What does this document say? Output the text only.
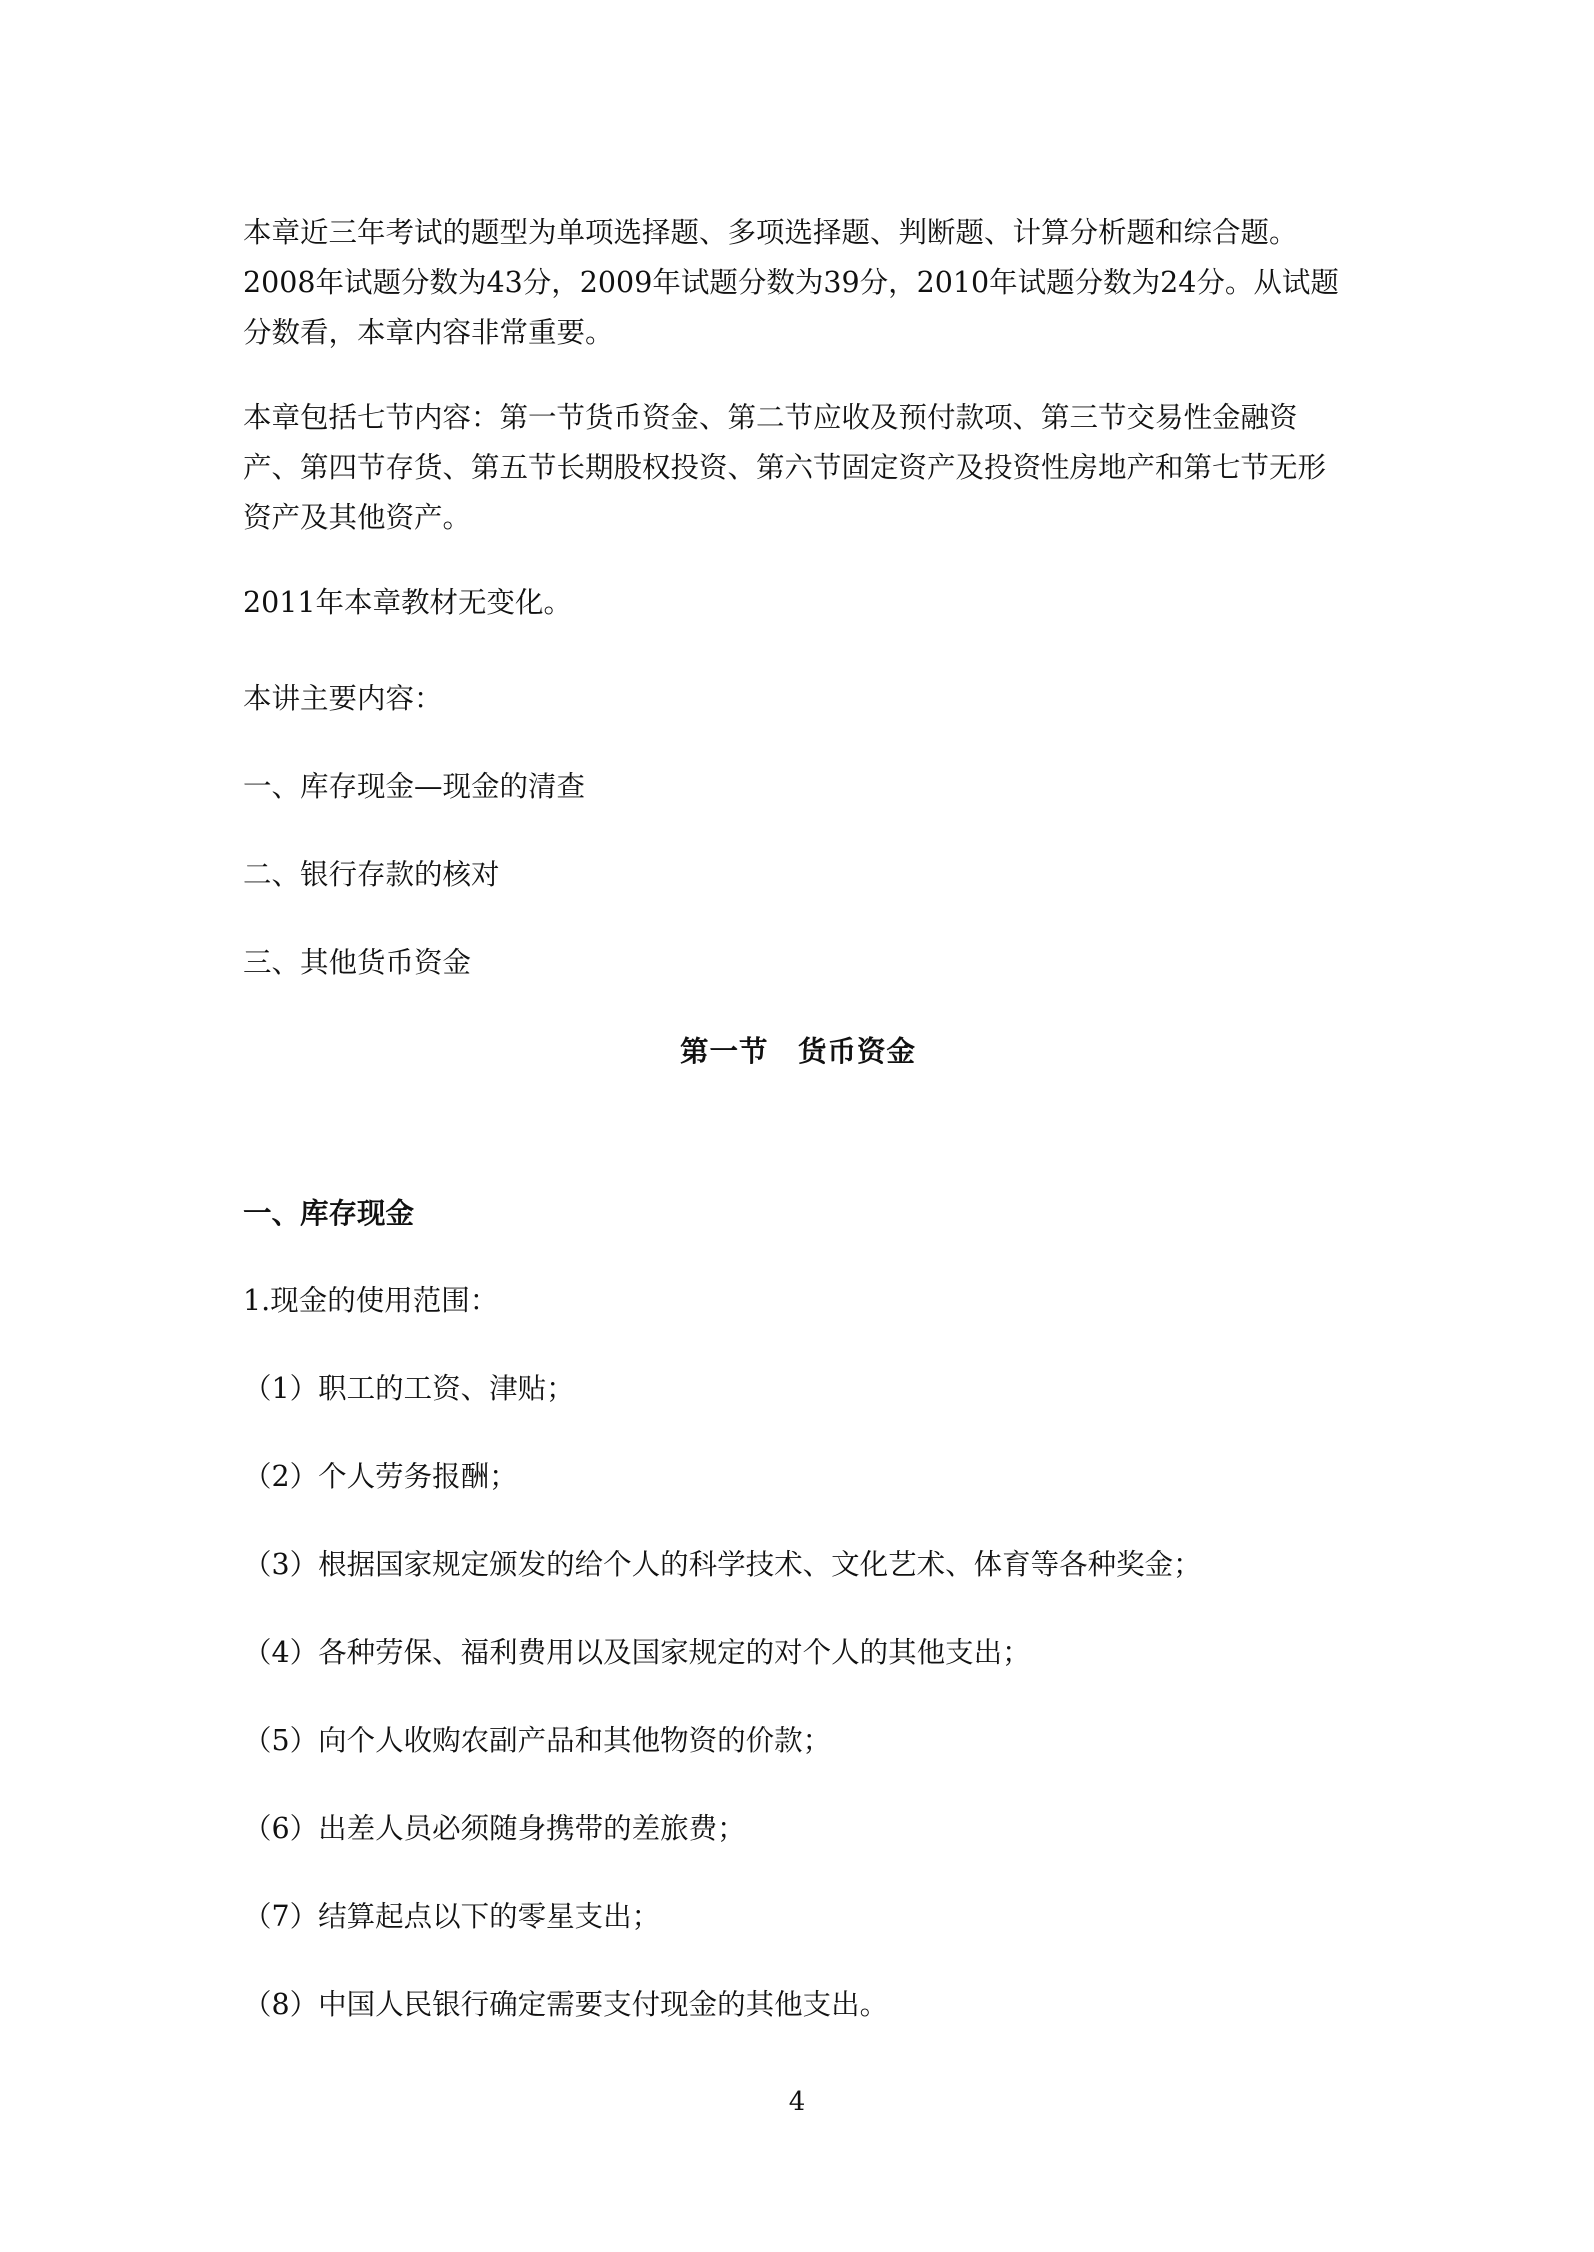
本章近三年考试的题型为单项选择题、多项选择题、判断题、计算分析题和综合题。2008年试题分数为43分，2009年试题分数为39分，2010年试题分数为24分。从试题分数看，本章内容非常重要。

本章包括七节内容：第一节货币资金、第二节应收及预付款项、第三节交易性金融资产、第四节存货、第五节长期股权投资、第六节固定资产及投资性房地产和第七节无形资产及其他资产。

2011年本章教材无变化。

本讲主要内容：

一、库存现金—现金的清查

二、银行存款的核对

三、其他货币资金

第一节　货币资金
一、库存现金

1.现金的使用范围：

（1）职工的工资、津贴；

（2）个人劳务报酬；

（3）根据国家规定颁发的给个人的科学技术、文化艺术、体育等各种奖金；

（4）各种劳保、福利费用以及国家规定的对个人的其他支出；

（5）向个人收购农副产品和其他物资的价款；

（6）出差人员必须随身携带的差旅费；

（7）结算起点以下的零星支出；

（8）中国人民银行确定需要支付现金的其他支出。

4
